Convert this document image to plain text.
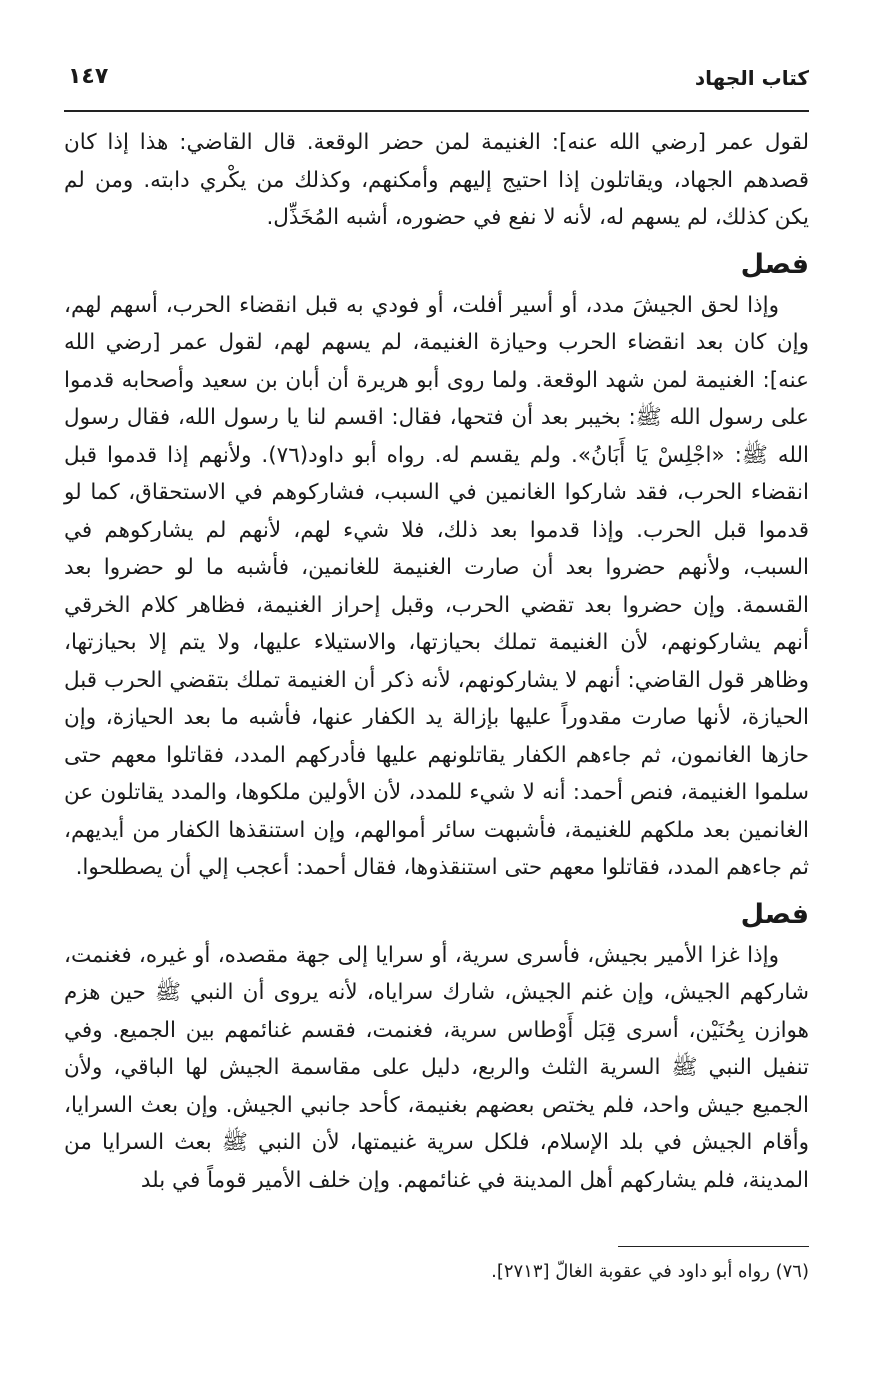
كتاب الجهاد
١٤٧

لقول عمر [رضي الله عنه]: الغنيمة لمن حضر الوقعة. قال القاضي: هذا إذا كان قصدهم الجهاد، ويقاتلون إذا احتيج إليهم وأمكنهم، وكذلك من يكْري دابته. ومن لم يكن كذلك، لم يسهم له، لأنه لا نفع في حضوره، أشبه المُخَذِّل.

فصل

وإذا لحق الجيشَ مدد، أو أسير أفلت، أو فودي به قبل انقضاء الحرب، أسهم لهم، وإن كان بعد انقضاء الحرب وحيازة الغنيمة، لم يسهم لهم، لقول عمر [رضي الله عنه]: الغنيمة لمن شهد الوقعة. ولما روى أبو هريرة أن أبان بن سعيد وأصحابه قدموا على رسول الله ﷺ: بخيبر بعد أن فتحها، فقال: اقسم لنا يا رسول الله، فقال رسول الله ﷺ: «اجْلِسْ يَا أَبَانُ». ولم يقسم له. رواه أبو داود(٧٦). ولأنهم إذا قدموا قبل انقضاء الحرب، فقد شاركوا الغانمين في السبب، فشاركوهم في الاستحقاق، كما لو قدموا قبل الحرب. وإذا قدموا بعد ذلك، فلا شيء لهم، لأنهم لم يشاركوهم في السبب، ولأنهم حضروا بعد أن صارت الغنيمة للغانمين، فأشبه ما لو حضروا بعد القسمة. وإن حضروا بعد تقضي الحرب، وقبل إحراز الغنيمة، فظاهر كلام الخرقي أنهم يشاركونهم، لأن الغنيمة تملك بحيازتها، والاستيلاء عليها، ولا يتم إلا بحيازتها، وظاهر قول القاضي: أنهم لا يشاركونهم، لأنه ذكر أن الغنيمة تملك بتقضي الحرب قبل الحيازة، لأنها صارت مقدوراً عليها بإزالة يد الكفار عنها، فأشبه ما بعد الحيازة، وإن حازها الغانمون، ثم جاءهم الكفار يقاتلونهم عليها فأدركهم المدد، فقاتلوا معهم حتى سلموا الغنيمة، فنص أحمد: أنه لا شيء للمدد، لأن الأولين ملكوها، والمدد يقاتلون عن الغانمين بعد ملكهم للغنيمة، فأشبهت سائر أموالهم، وإن استنقذها الكفار من أيديهم، ثم جاءهم المدد، فقاتلوا معهم حتى استنقذوها، فقال أحمد: أعجب إلي أن يصطلحوا.

فصل

وإذا غزا الأمير بجيش، فأسرى سرية، أو سرايا إلى جهة مقصده، أو غيره، فغنمت، شاركهم الجيش، وإن غنم الجيش، شارك سراياه، لأنه يروى أن النبي ﷺ حين هزم هوازن بِحُنَيْن، أسرى قِبَل أَوْطاس سرية، فغنمت، فقسم غنائمهم بين الجميع. وفي تنفيل النبي ﷺ السرية الثلث والربع، دليل على مقاسمة الجيش لها الباقي، ولأن الجميع جيش واحد، فلم يختص بعضهم بغنيمة، كأحد جانبي الجيش. وإن بعث السرايا، وأقام الجيش في بلد الإسلام، فلكل سرية غنيمتها، لأن النبي ﷺ بعث السرايا من المدينة، فلم يشاركهم أهل المدينة في غنائمهم. وإن خلف الأمير قوماً في بلد

(٧٦) رواه أبو داود في عقوبة الغالّ [٢٧١٣].
